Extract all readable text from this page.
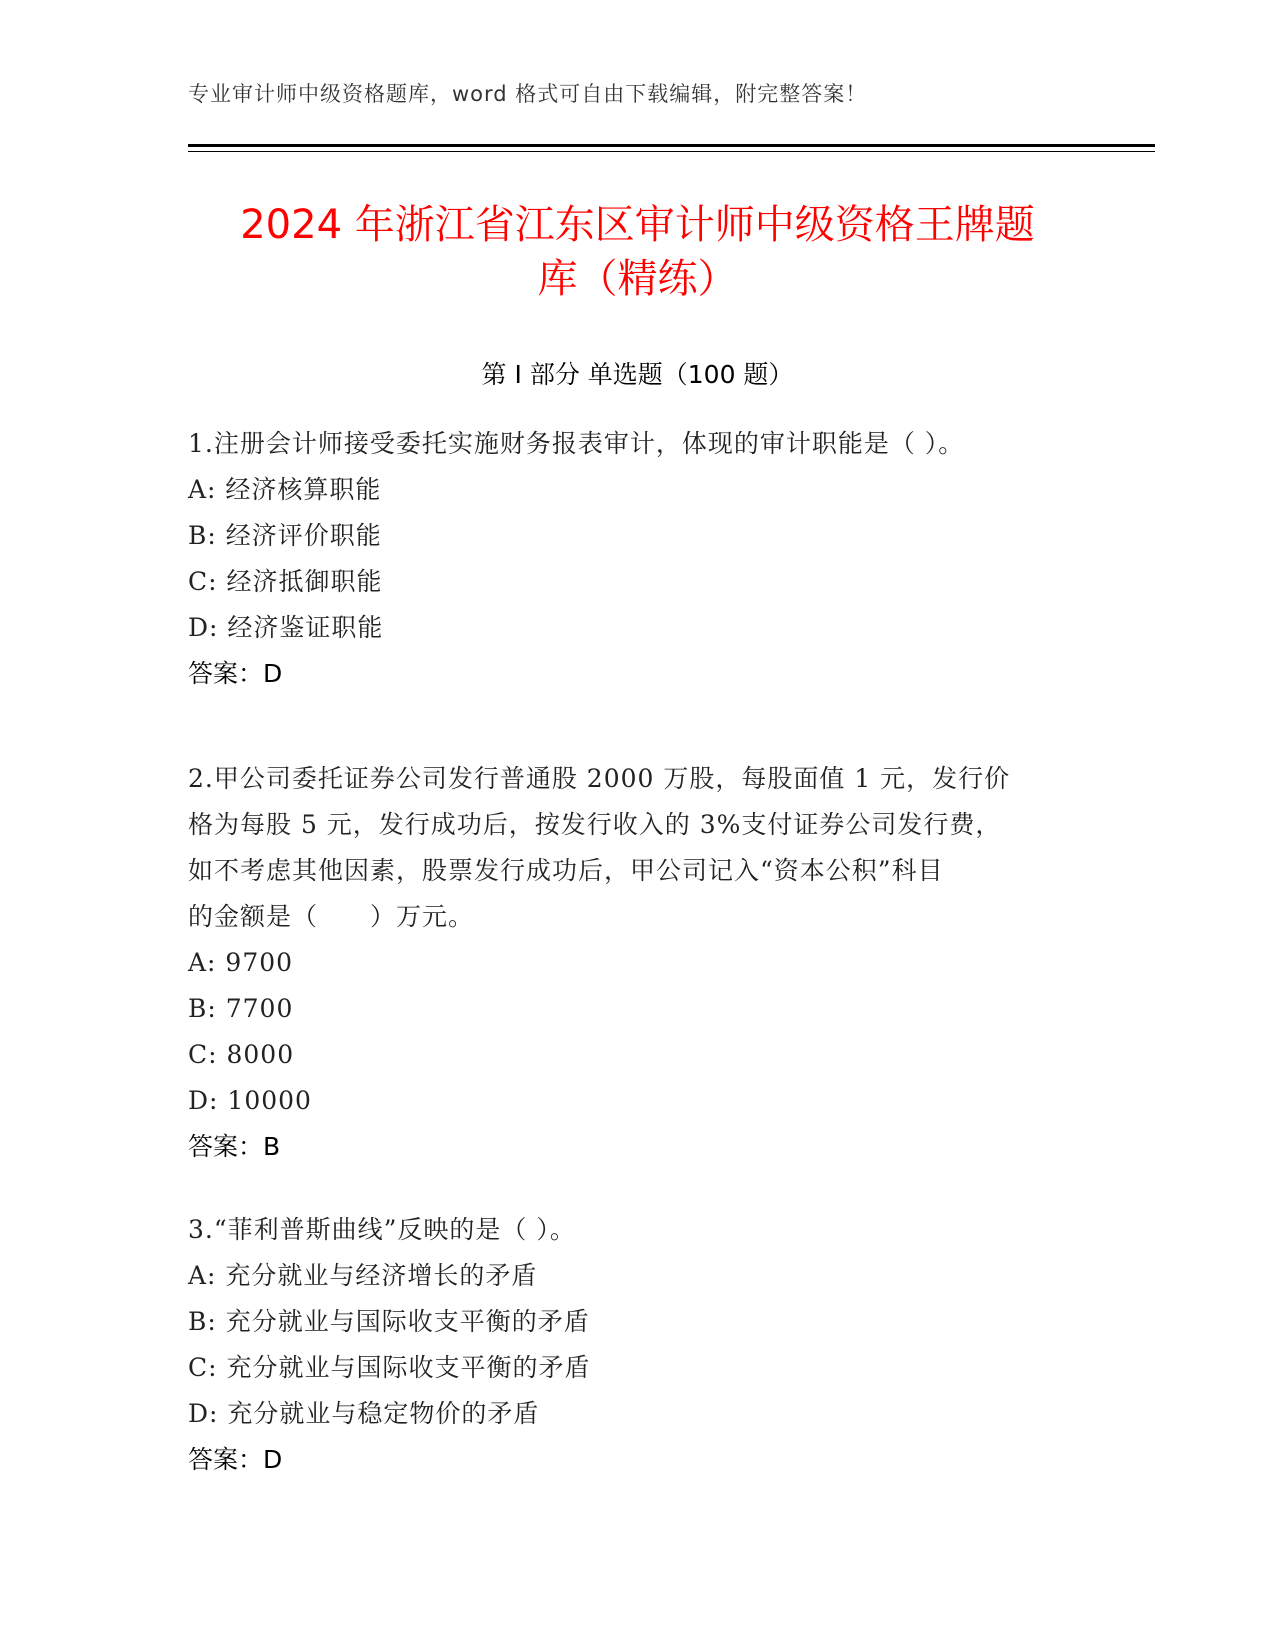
专业审计师中级资格题库，word 格式可自由下载编辑，附完整答案！
2024 年浙江省江东区审计师中级资格王牌题
库（精练）
第 I 部分 单选题（100 题）
1.注册会计师接受委托实施财务报表审计，体现的审计职能是（ ）。
A: 经济核算职能
B: 经济评价职能
C: 经济抵御职能
D: 经济鉴证职能
答案：D
2.甲公司委托证券公司发行普通股 2000 万股，每股面值 1 元，发行价
格为每股 5 元，发行成功后，按发行收入的 3%支付证券公司发行费，
如不考虑其他因素，股票发行成功后，甲公司记入“资本公积”科目
的金额是（　　）万元。
A: 9700
B: 7700
C: 8000
D: 10000
答案：B
3.“菲利普斯曲线”反映的是（ ）。
A: 充分就业与经济增长的矛盾
B: 充分就业与国际收支平衡的矛盾
C: 充分就业与国际收支平衡的矛盾
D: 充分就业与稳定物价的矛盾
答案：D
